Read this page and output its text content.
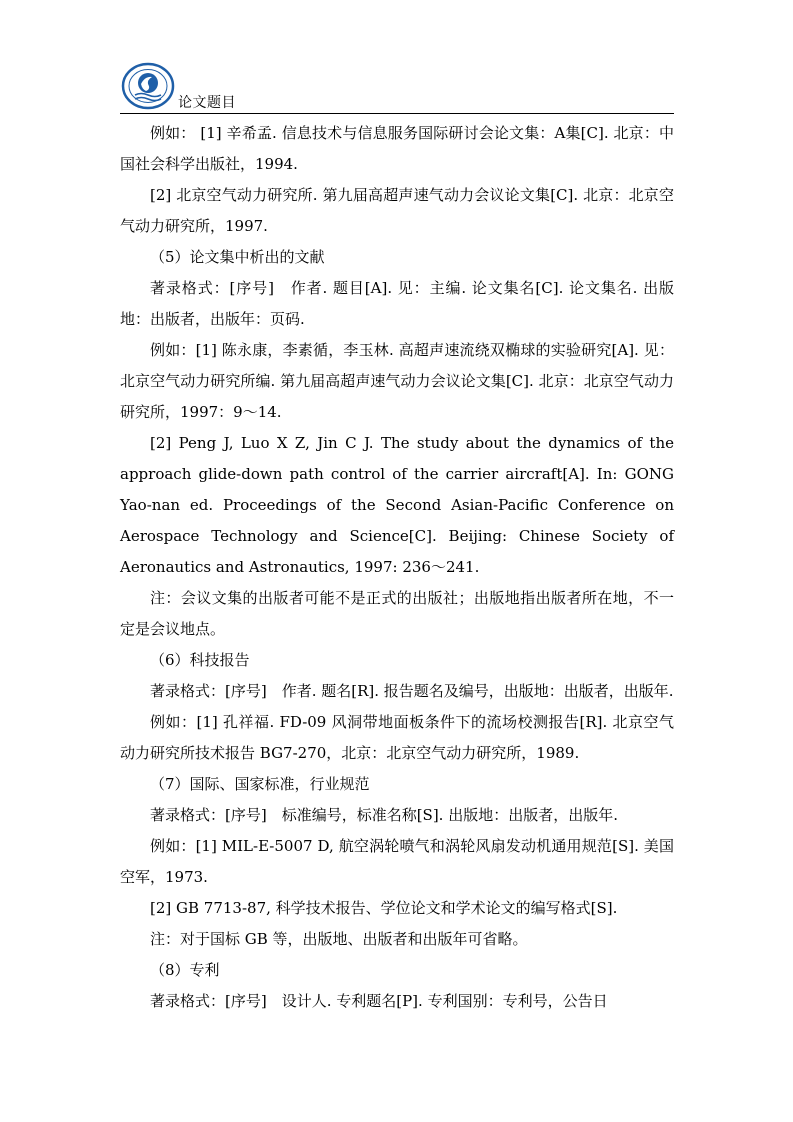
论文题目

例如： [1] 辛希孟. 信息技术与信息服务国际研讨会论文集：A集[C]. 北京：中国社会科学出版社，1994.

[2] 北京空气动力研究所. 第九届高超声速气动力会议论文集[C]. 北京：北京空气动力研究所，1997.

（5）论文集中析出的文献

著录格式：[序号]　作者. 题目[A]. 见：主编. 论文集名[C]. 论文集名. 出版地：出版者，出版年：页码.

例如：[1] 陈永康，李素循，李玉林. 高超声速流绕双椭球的实验研究[A]. 见：北京空气动力研究所编. 第九届高超声速气动力会议论文集[C]. 北京：北京空气动力研究所，1997：9～14.

[2] Peng J, Luo X Z, Jin C J. The study about the dynamics of the approach glide-down path control of the carrier aircraft[A]. In: GONG Yao-nan ed. Proceedings of the Second Asian-Pacific Conference on Aerospace Technology and Science[C]. Beijing: Chinese Society of Aeronautics and Astronautics, 1997: 236～241.

注：会议文集的出版者可能不是正式的出版社；出版地指出版者所在地，不一定是会议地点。

（6）科技报告

著录格式：[序号]　作者. 题名[R]. 报告题名及编号，出版地：出版者，出版年.

例如：[1] 孔祥福. FD-09 风洞带地面板条件下的流场校测报告[R]. 北京空气动力研究所技术报告 BG7-270，北京：北京空气动力研究所，1989.

（7）国际、国家标准，行业规范

著录格式：[序号]　标准编号，标准名称[S]. 出版地：出版者，出版年.

例如：[1] MIL-E-5007 D, 航空涡轮喷气和涡轮风扇发动机通用规范[S]. 美国空军，1973.

[2] GB 7713-87, 科学技术报告、学位论文和学术论文的编写格式[S].

注：对于国标 GB 等，出版地、出版者和出版年可省略。

（8）专利

著录格式：[序号]　设计人. 专利题名[P]. 专利国别：专利号，公告日
